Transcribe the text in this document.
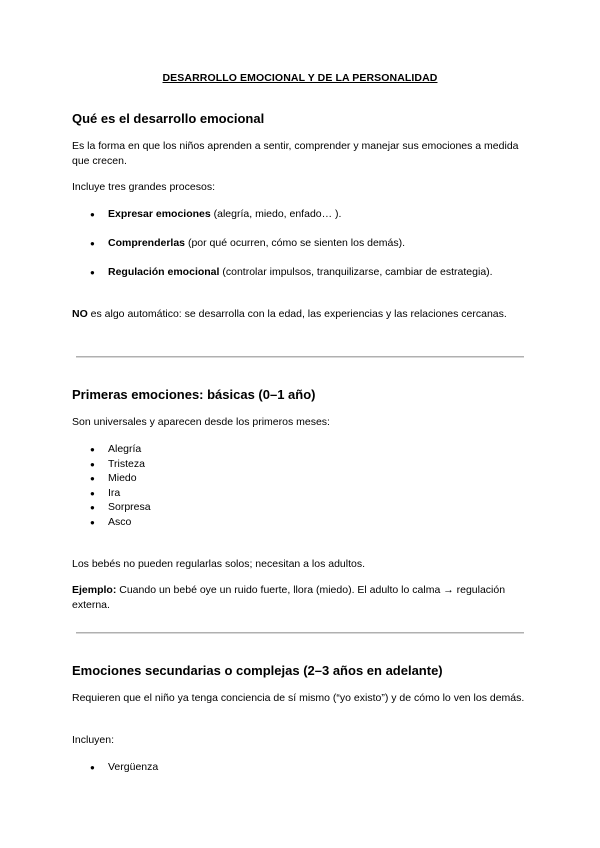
DESARROLLO EMOCIONAL Y DE LA PERSONALIDAD
Qué es el desarrollo emocional
Es la forma en que los niños aprenden a sentir, comprender y manejar sus emociones a medida que crecen.
Incluye tres grandes procesos:
● Expresar emociones (alegría, miedo, enfado… ).
● Comprenderlas (por qué ocurren, cómo se sienten los demás).
● Regulación emocional (controlar impulsos, tranquilizarse, cambiar de estrategia).
NO es algo automático: se desarrolla con la edad, las experiencias y las relaciones cercanas.
Primeras emociones: básicas (0–1 año)
Son universales y aparecen desde los primeros meses:
● Alegría
● Tristeza
● Miedo
● Ira
● Sorpresa
● Asco
Los bebés no pueden regularlas solos; necesitan a los adultos.
Ejemplo: Cuando un bebé oye un ruido fuerte, llora (miedo). El adulto lo calma → regulación externa.
Emociones secundarias o complejas (2–3 años en adelante)
Requieren que el niño ya tenga conciencia de sí mismo (“yo existo”) y de cómo lo ven los demás.
Incluyen:
● Vergüenza
